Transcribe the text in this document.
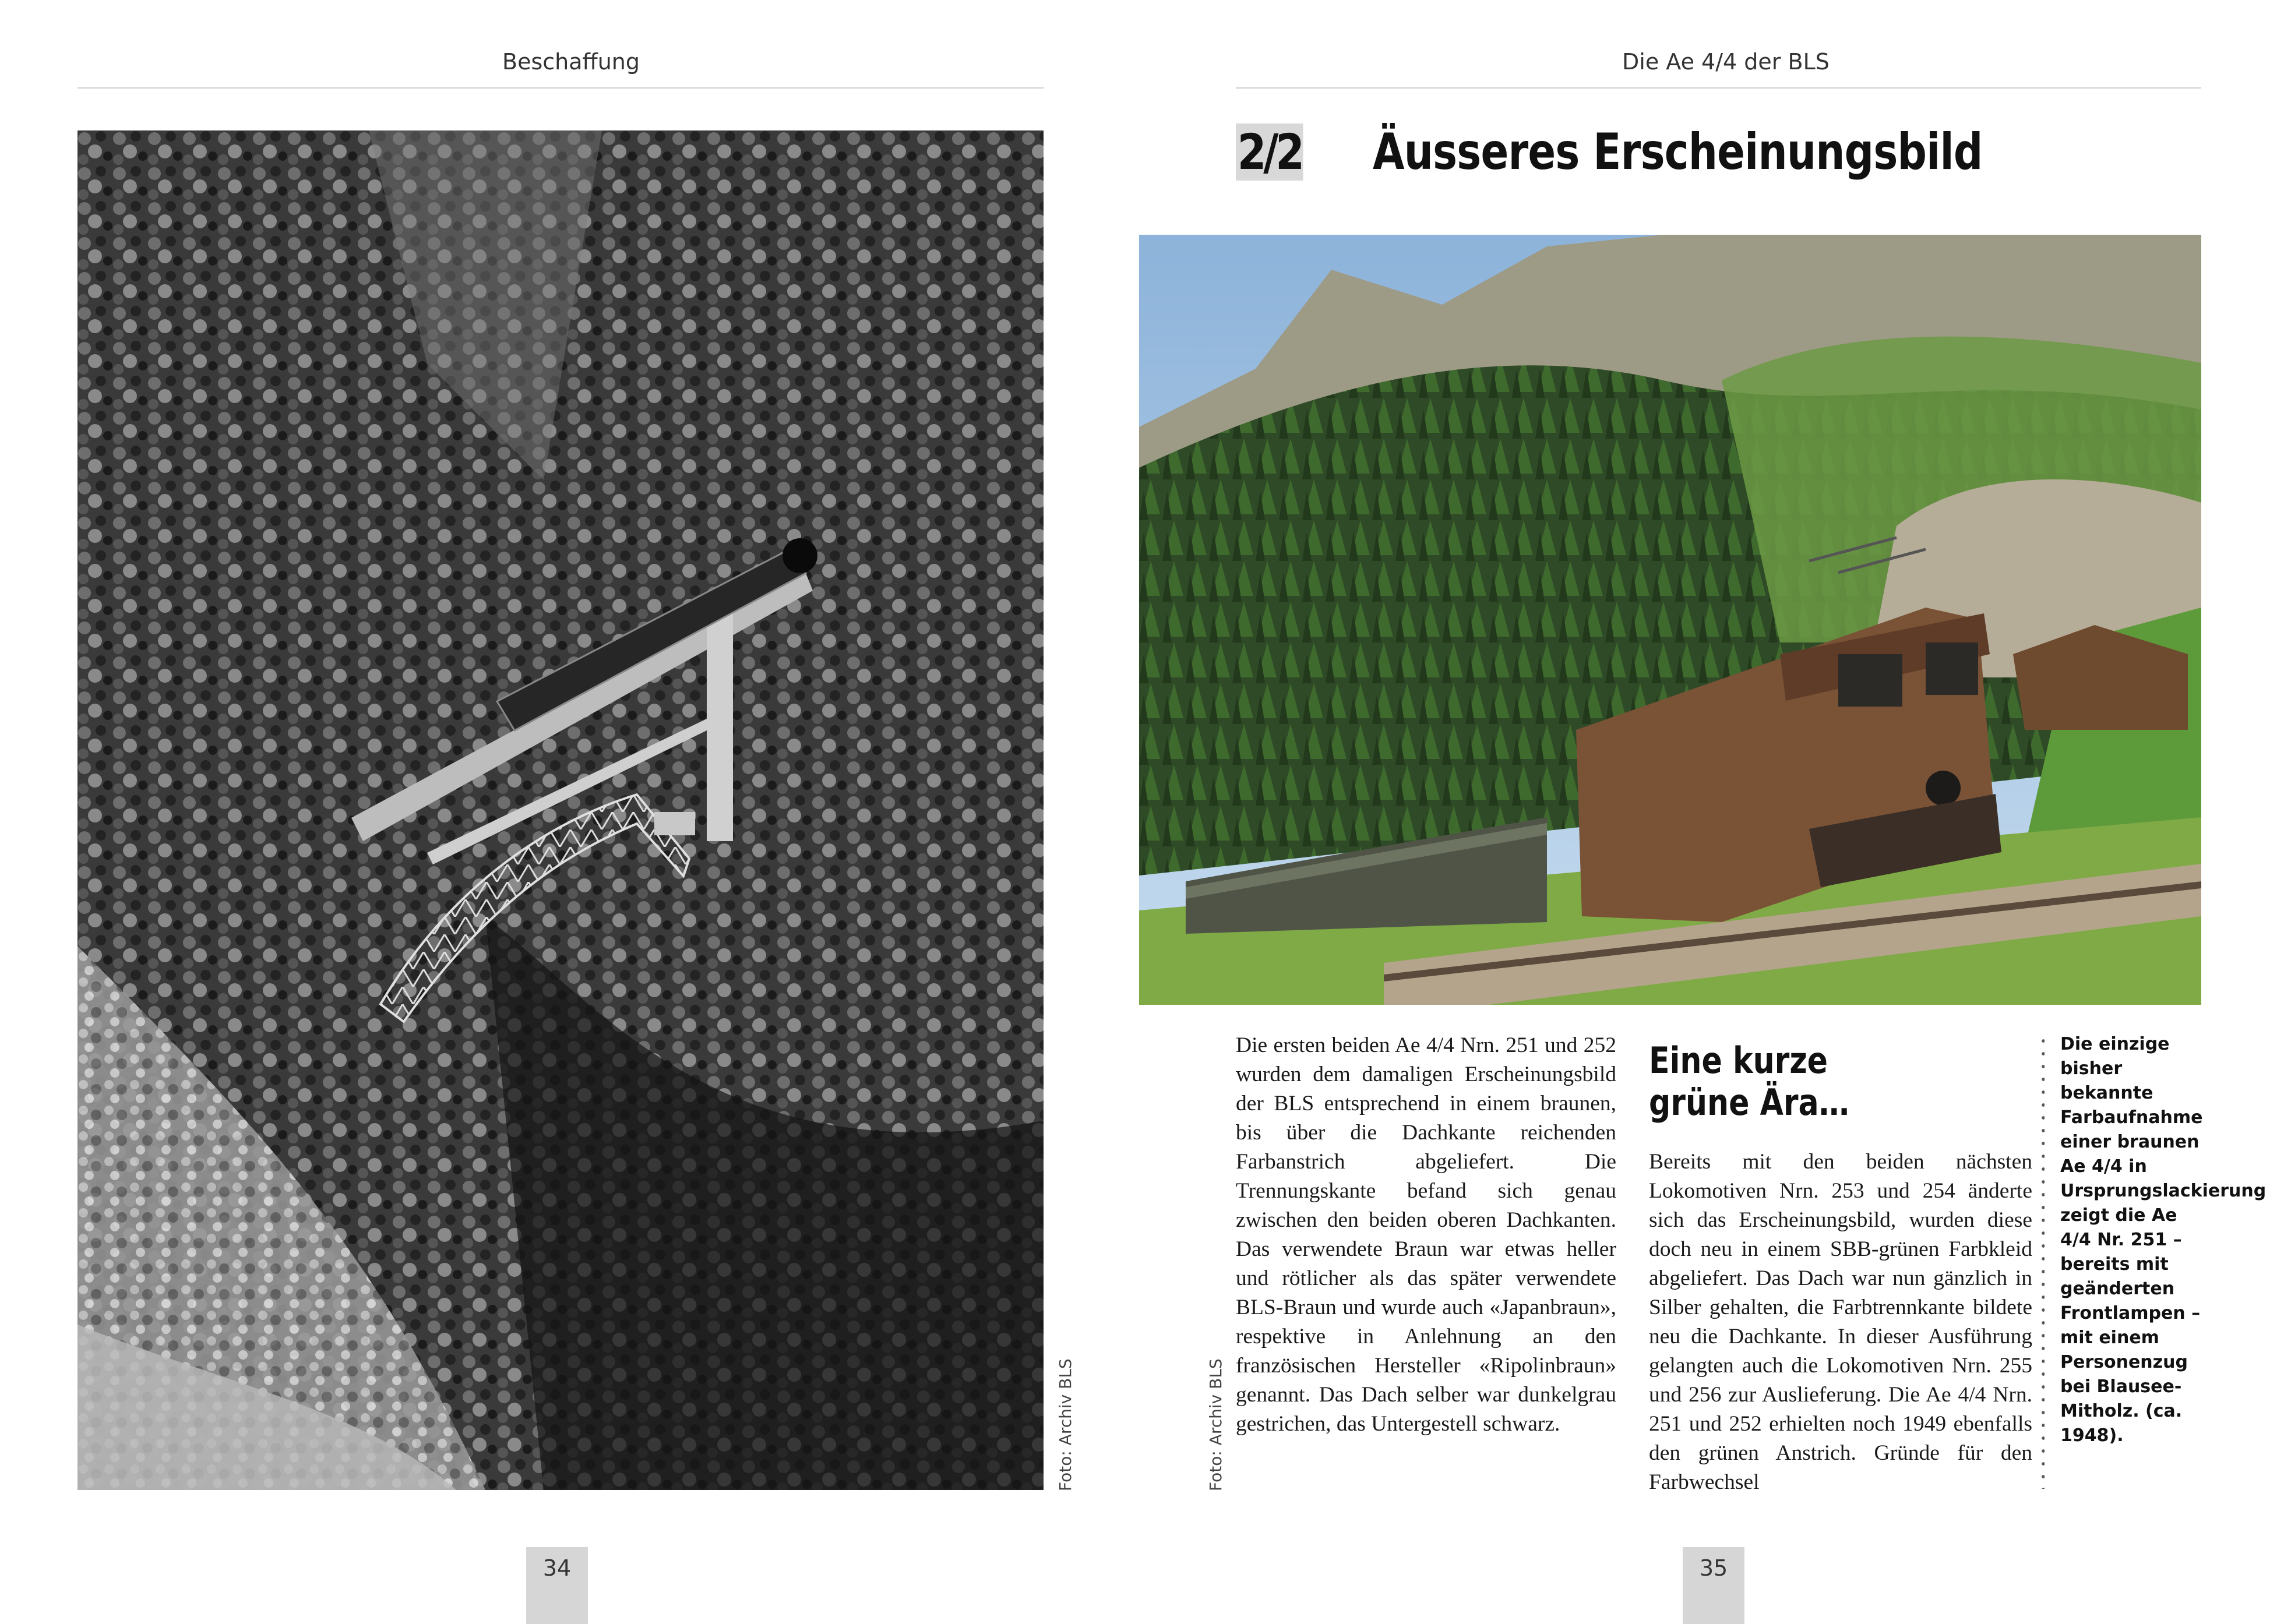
Beschaffung
Foto: Archiv BLS
34
Die Ae 4/4 der BLS
2/2 Äusseres Erscheinungsbild
Foto: Archiv BLS
Die ersten beiden Ae 4/4 Nrn. 251 und 252 wurden dem damaligen Erscheinungsbild der BLS entsprechend in einem braunen, bis über die Dachkante reichenden Farbanstrich abgeliefert. Die Trennungskante befand sich genau zwischen den beiden oberen Dachkanten. Das verwendete Braun war etwas heller und rötlicher als das später verwendete BLS-Braun und wurde auch «Japanbraun», respektive in Anlehnung an den französischen Hersteller «Ripolinbraun» genannt. Das Dach selber war dunkelgrau gestrichen, das Untergestell schwarz.
Eine kurze grüne Ära…
Bereits mit den beiden nächsten Lokomotiven Nrn. 253 und 254 änderte sich das Erscheinungsbild, wurden diese doch neu in einem SBB-grünen Farbkleid abgeliefert. Das Dach war nun gänzlich in Silber gehalten, die Farbtrennkante bildete neu die Dachkante. In dieser Ausführung gelangten auch die Lokomotiven Nrn. 255 und 256 zur Auslieferung. Die Ae 4/4 Nrn. 251 und 252 erhielten noch 1949 ebenfalls den grünen Anstrich. Gründe für den Farbwechsel
Die einzige bisher bekannte Farbaufnahme einer braunen Ae 4/4 in Ursprungslackierung zeigt die Ae 4/4 Nr. 251 – bereits mit geänderten Frontlampen – mit einem Personenzug bei Blausee-Mitholz. (ca. 1948).
35
